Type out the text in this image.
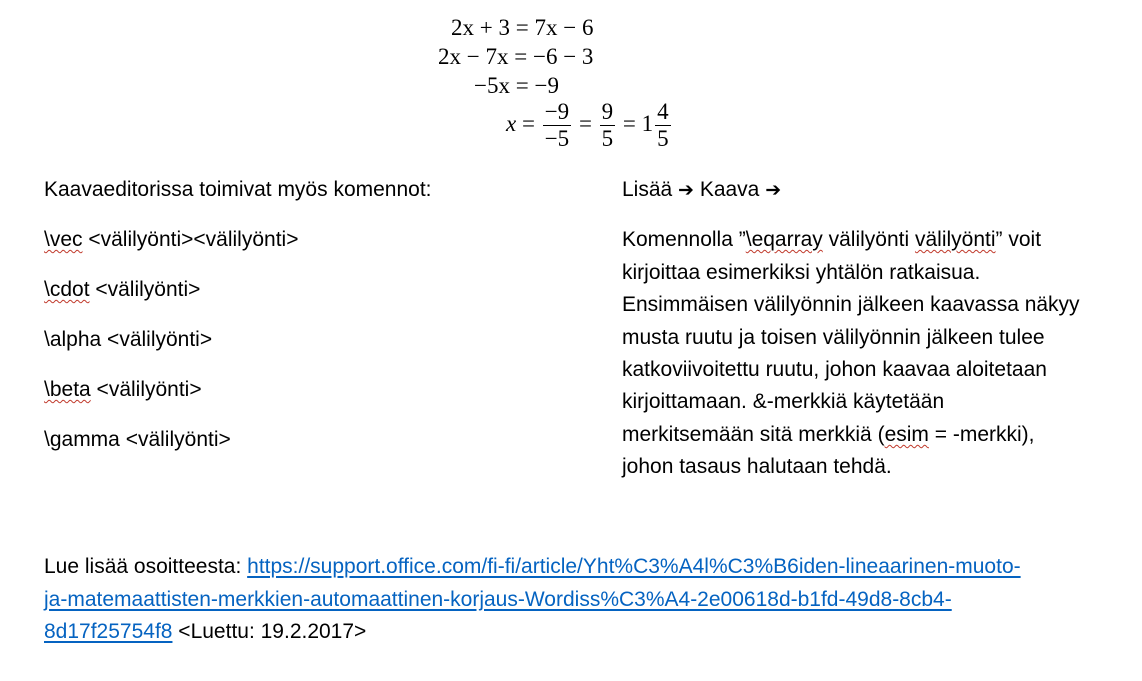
2x + 3 = 7x − 6
2x − 7x = −6 − 3
−5x = −9
$x = \frac{-9}{-5} = \frac{9}{5} = 1 \frac{4}{5}$
Kaavaeditorissa toimivat myös komennot:
\vec <välilyönti><välilyönti>
\cdot <välilyönti>
\alpha <välilyönti>
\beta <välilyönti>
\gamma <välilyönti>
Lisää ➔ Kaava ➔
Komennolla ”\eqarray välilyönti välilyönti” voit
kirjoittaa esimerkiksi yhtälön ratkaisua.
Ensimmäisen välilyönnin jälkeen kaavassa näkyy
musta ruutu ja toisen välilyönnin jälkeen tulee
katkoviivoitettu ruutu, johon kaavaa aloitetaan
kirjoittamaan. &-merkkiä käytetään
merkitsemään sitä merkkiä (esim = -merkki),
johon tasaus halutaan tehdä.
Lue lisää osoitteesta: https://support.office.com/fi-fi/article/Yht%C3%A4l%C3%B6iden-lineaarinen-muoto-
ja-matemaattisten-merkkien-automaattinen-korjaus-Wordiss%C3%A4-2e00618d-b1fd-49d8-8cb4-
8d17f25754f8 <Luettu: 19.2.2017>
